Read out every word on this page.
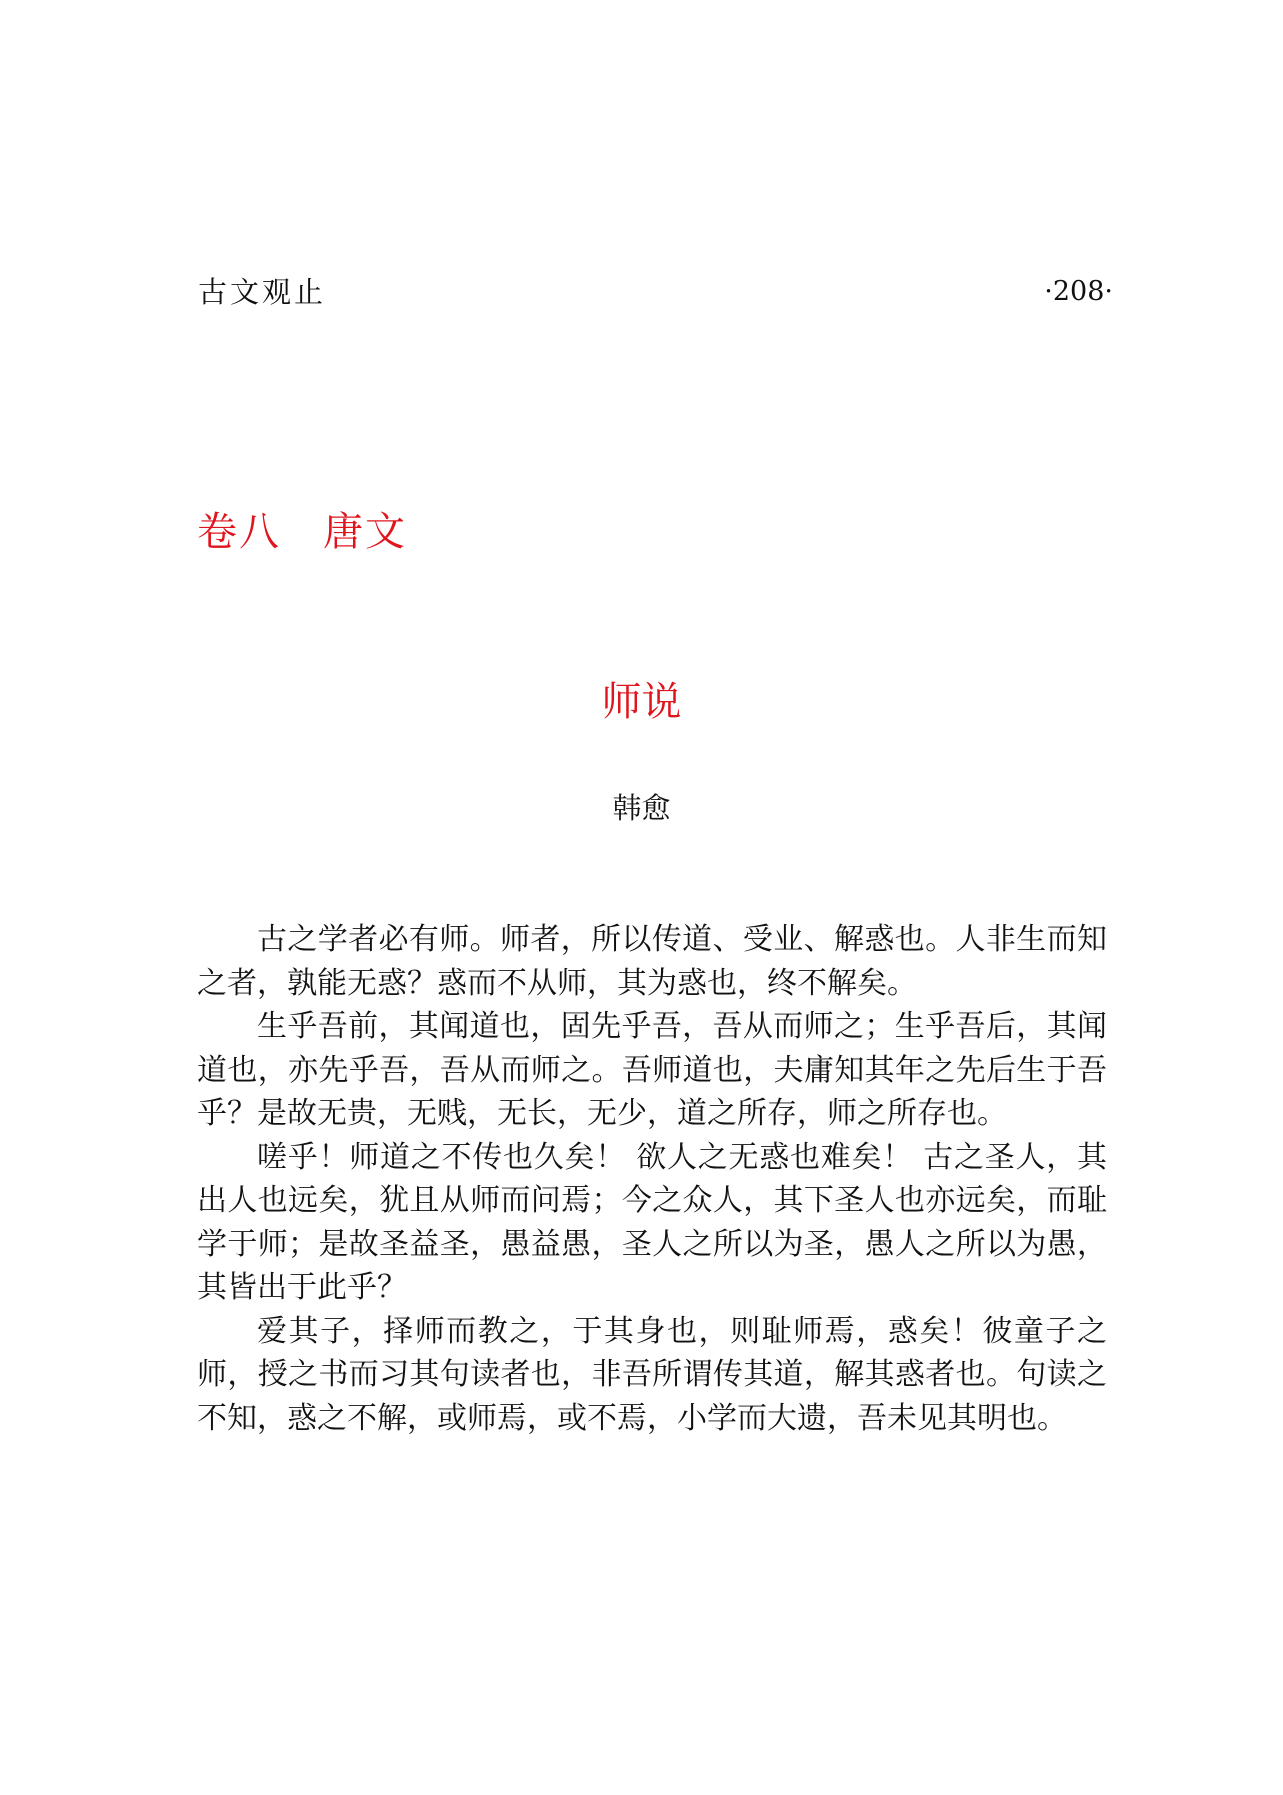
古文观止	·208·
卷八　唐文
师说
韩愈

古之学者必有师。师者，所以传道、受业、解惑也。人非生而知之者，孰能无惑？惑而不从师，其为惑也，终不解矣。

生乎吾前，其闻道也，固先乎吾，吾从而师之；生乎吾后，其闻道也，亦先乎吾，吾从而师之。吾师道也，夫庸知其年之先后生于吾乎？是故无贵，无贱，无长，无少，道之所存，师之所存也。

嗟乎！师道之不传也久矣！ 欲人之无惑也难矣！ 古之圣人，其出人也远矣，犹且从师而问焉；今之众人，其下圣人也亦远矣，而耻学于师；是故圣益圣，愚益愚，圣人之所以为圣，愚人之所以为愚，其皆出于此乎？

爱其子，择师而教之，于其身也，则耻师焉，惑矣！彼童子之师，授之书而习其句读者也，非吾所谓传其道，解其惑者也。句读之不知，惑之不解，或师焉，或不焉，小学而大遗，吾未见其明也。
